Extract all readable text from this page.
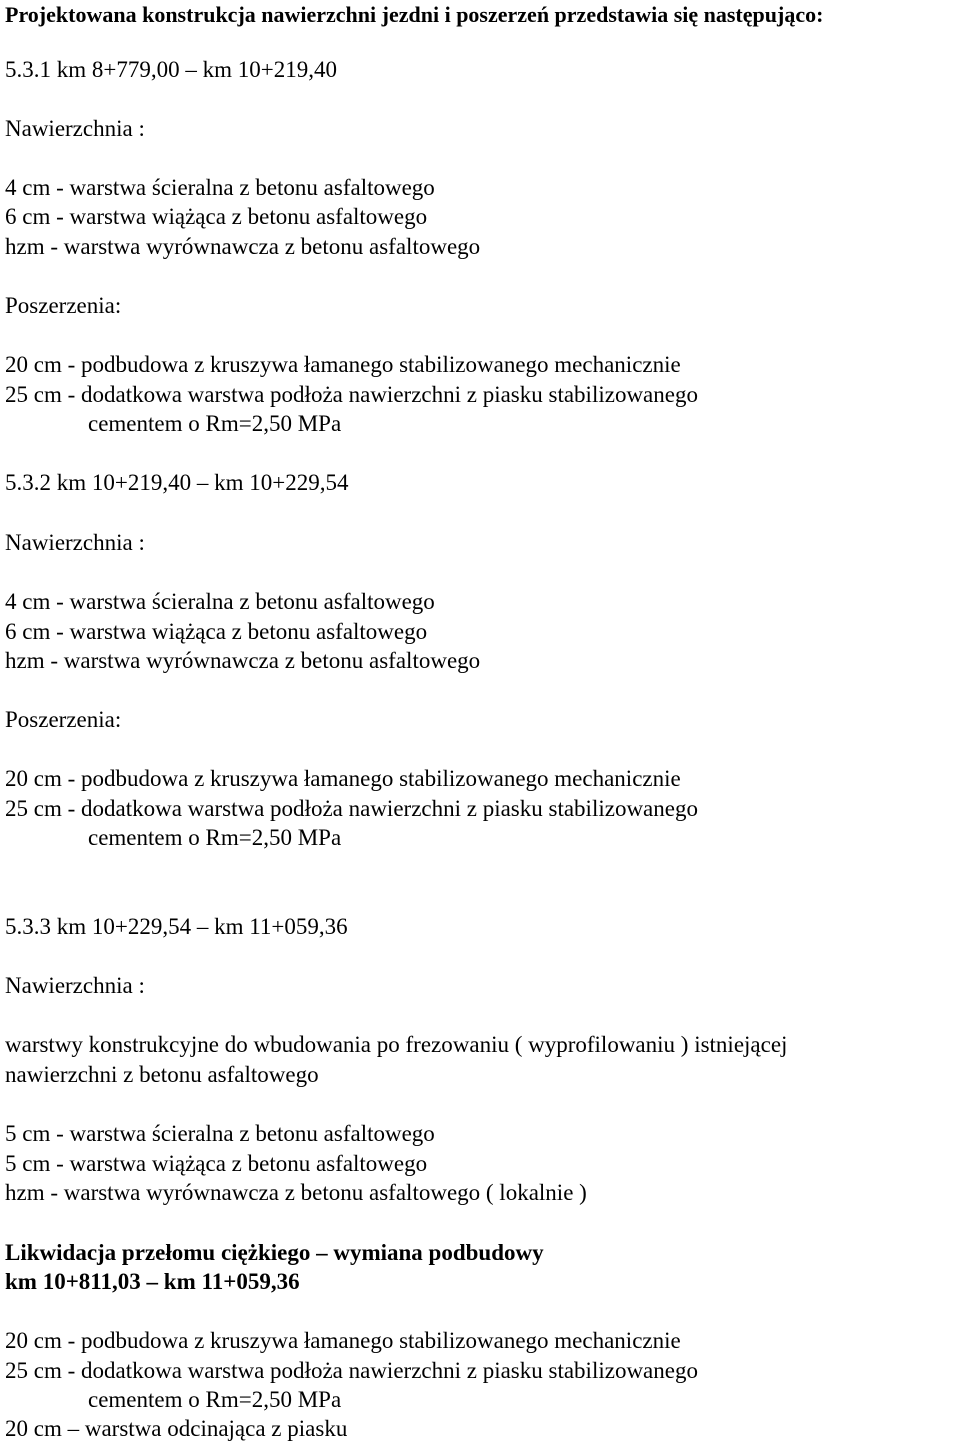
Projektowana konstrukcja nawierzchni jezdni i poszerzeń przedstawia się następująco:
5.3.1 km 8+779,00 – km 10+219,40
Nawierzchnia :
4 cm - warstwa ścieralna z betonu asfaltowego
6 cm - warstwa wiążąca z betonu asfaltowego
hzm - warstwa wyrównawcza z betonu asfaltowego
Poszerzenia:
20 cm - podbudowa z kruszywa łamanego stabilizowanego mechanicznie
25 cm - dodatkowa warstwa podłoża nawierzchni z piasku stabilizowanego
cementem o Rm=2,50 MPa
5.3.2 km 10+219,40 – km 10+229,54
Nawierzchnia :
4 cm - warstwa ścieralna z betonu asfaltowego
6 cm - warstwa wiążąca z betonu asfaltowego
hzm - warstwa wyrównawcza z betonu asfaltowego
Poszerzenia:
20 cm - podbudowa z kruszywa łamanego stabilizowanego mechanicznie
25 cm - dodatkowa warstwa podłoża nawierzchni z piasku stabilizowanego
cementem o Rm=2,50 MPa
5.3.3 km 10+229,54 – km 11+059,36
Nawierzchnia :
warstwy konstrukcyjne do wbudowania po frezowaniu ( wyprofilowaniu ) istniejącej
nawierzchni z betonu asfaltowego
5 cm - warstwa ścieralna z betonu asfaltowego
5 cm - warstwa wiążąca z betonu asfaltowego
hzm - warstwa wyrównawcza z betonu asfaltowego ( lokalnie )
Likwidacja przełomu ciężkiego – wymiana podbudowy
km 10+811,03 – km 11+059,36
20 cm - podbudowa z kruszywa łamanego stabilizowanego mechanicznie
25 cm - dodatkowa warstwa podłoża nawierzchni z piasku stabilizowanego
cementem o Rm=2,50 MPa
20 cm – warstwa odcinająca z piasku
